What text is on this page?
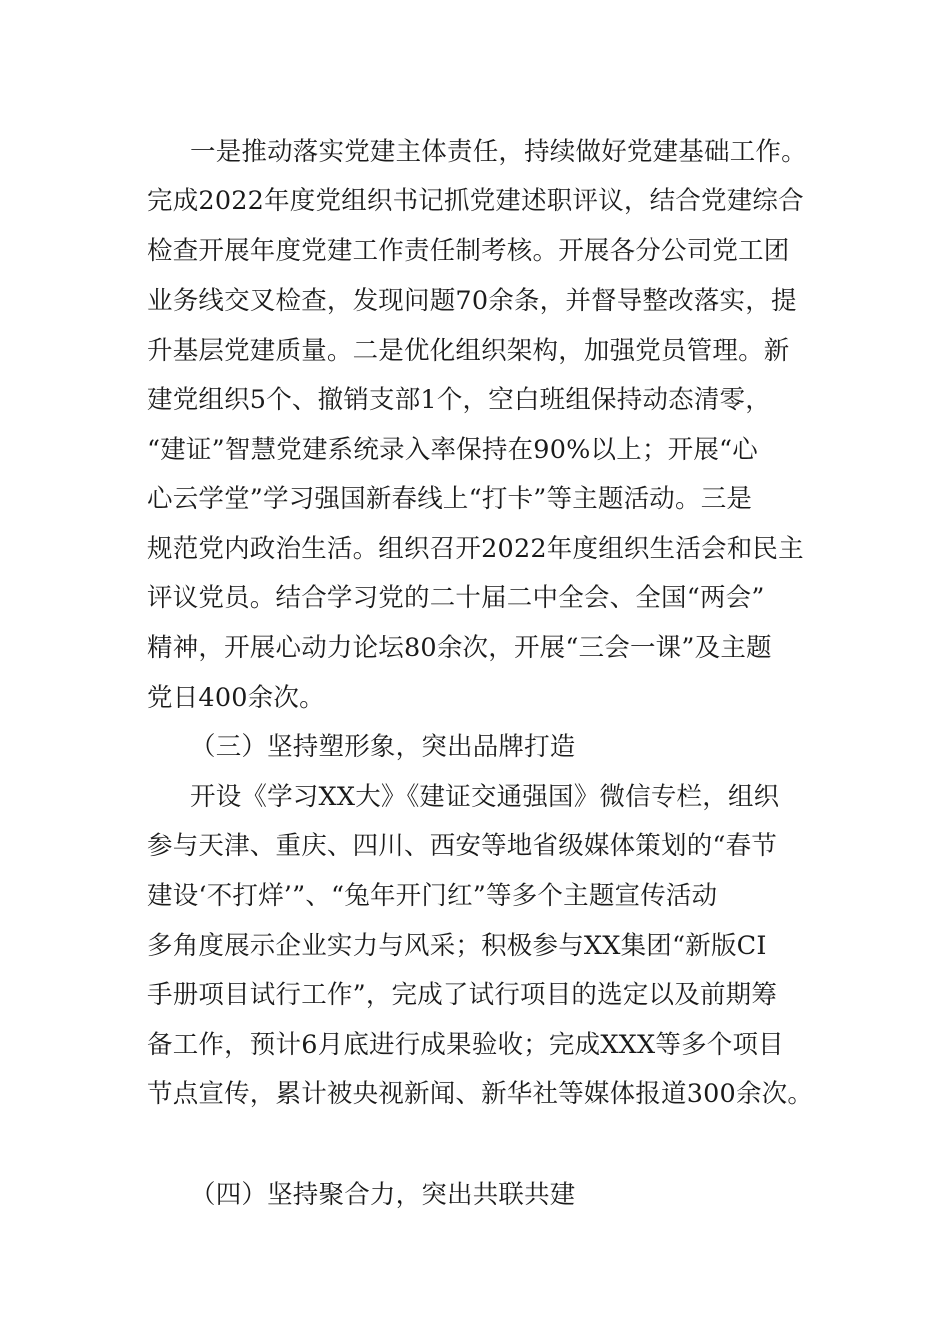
一是推动落实党建主体责任，持续做好党建基础工作。
完成2022年度党组织书记抓党建述职评议，结合党建综合
检查开展年度党建工作责任制考核。开展各分公司党工团
业务线交叉检查，发现问题70余条，并督导整改落实，提
升基层党建质量。二是优化组织架构，加强党员管理。新
建党组织5个、撤销支部1个，空白班组保持动态清零，
“建证”智慧党建系统录入率保持在90%以上；开展“心
心云学堂”学习强国新春线上“打卡”等主题活动。三是
规范党内政治生活。组织召开2022年度组织生活会和民主
评议党员。结合学习党的二十届二中全会、全国“两会”
精神，开展心动力论坛80余次，开展“三会一课”及主题
党日400余次。
（三）坚持塑形象，突出品牌打造
开设《学习XX大》《建证交通强国》微信专栏，组织
参与天津、重庆、四川、西安等地省级媒体策划的“春节
建设‘不打烊’”、“兔年开门红”等多个主题宣传活动
多角度展示企业实力与风采；积极参与XX集团“新版CI
手册项目试行工作”，完成了试行项目的选定以及前期筹
备工作，预计6月底进行成果验收；完成XXX等多个项目
节点宣传，累计被央视新闻、新华社等媒体报道300余次。
（四）坚持聚合力，突出共联共建
